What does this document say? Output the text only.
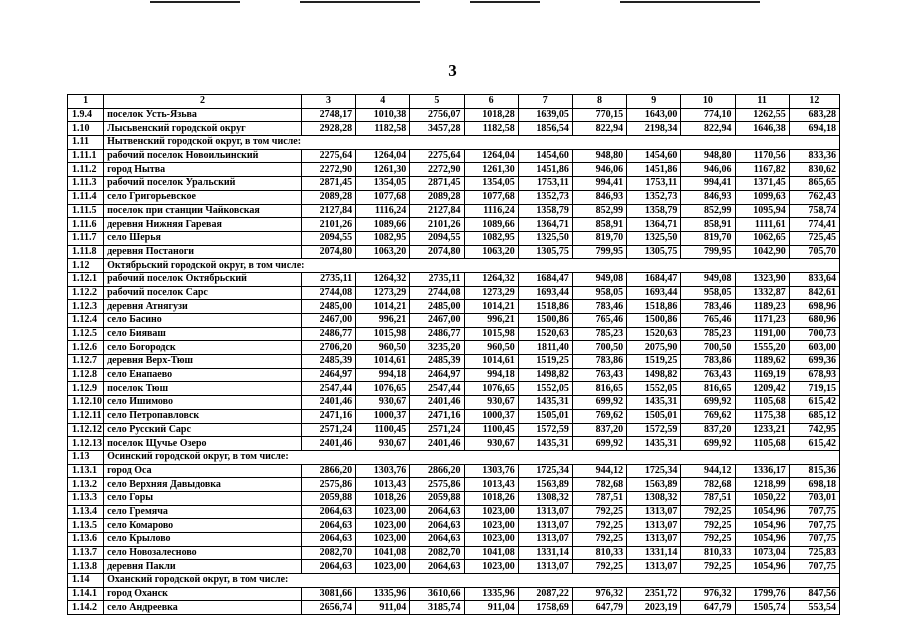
3
1	2	3	4	5	6	7	8	9	10	11	12
1.9.4	поселок Усть-Язьва	2748,17	1010,38	2756,07	1018,28	1639,05	770,15	1643,00	774,10	1262,55	683,28
1.10	Лысьвенский городской округ	2928,28	1182,58	3457,28	1182,58	1856,54	822,94	2198,34	822,94	1646,38	694,18
1.11	Нытвенский городской округ, в том числе:										
1.11.1	рабочий поселок Новоильинский	2275,64	1264,04	2275,64	1264,04	1454,60	948,80	1454,60	948,80	1170,56	833,36
1.11.2	город Нытва	2272,90	1261,30	2272,90	1261,30	1451,86	946,06	1451,86	946,06	1167,82	830,62
1.11.3	рабочий поселок Уральский	2871,45	1354,05	2871,45	1354,05	1753,11	994,41	1753,11	994,41	1371,45	865,65
1.11.4	село Григорьевское	2089,28	1077,68	2089,28	1077,68	1352,73	846,93	1352,73	846,93	1099,63	762,43
1.11.5	поселок при станции Чайковская	2127,84	1116,24	2127,84	1116,24	1358,79	852,99	1358,79	852,99	1095,94	758,74
1.11.6	деревня Нижняя Гаревая	2101,26	1089,66	2101,26	1089,66	1364,71	858,91	1364,71	858,91	1111,61	774,41
1.11.7	село Шерья	2094,55	1082,95	2094,55	1082,95	1325,50	819,70	1325,50	819,70	1062,65	725,45
1.11.8	деревня Постаноги	2074,80	1063,20	2074,80	1063,20	1305,75	799,95	1305,75	799,95	1042,90	705,70
1.12	Октябрьский городской округ, в том числе:										
1.12.1	рабочий поселок Октябрьский	2735,11	1264,32	2735,11	1264,32	1684,47	949,08	1684,47	949,08	1323,90	833,64
1.12.2	рабочий поселок Сарс	2744,08	1273,29	2744,08	1273,29	1693,44	958,05	1693,44	958,05	1332,87	842,61
1.12.3	деревня Атнягузи	2485,00	1014,21	2485,00	1014,21	1518,86	783,46	1518,86	783,46	1189,23	698,96
1.12.4	село Басино	2467,00	996,21	2467,00	996,21	1500,86	765,46	1500,86	765,46	1171,23	680,96
1.12.5	село Бияваш	2486,77	1015,98	2486,77	1015,98	1520,63	785,23	1520,63	785,23	1191,00	700,73
1.12.6	село Богородск	2706,20	960,50	3235,20	960,50	1811,40	700,50	2075,90	700,50	1555,20	603,00
1.12.7	деревня Верх-Тюш	2485,39	1014,61	2485,39	1014,61	1519,25	783,86	1519,25	783,86	1189,62	699,36
1.12.8	село Енапаево	2464,97	994,18	2464,97	994,18	1498,82	763,43	1498,82	763,43	1169,19	678,93
1.12.9	поселок Тюш	2547,44	1076,65	2547,44	1076,65	1552,05	816,65	1552,05	816,65	1209,42	719,15
1.12.10	село Ишимово	2401,46	930,67	2401,46	930,67	1435,31	699,92	1435,31	699,92	1105,68	615,42
1.12.11	село Петропавловск	2471,16	1000,37	2471,16	1000,37	1505,01	769,62	1505,01	769,62	1175,38	685,12
1.12.12	село Русский Сарс	2571,24	1100,45	2571,24	1100,45	1572,59	837,20	1572,59	837,20	1233,21	742,95
1.12.13	поселок Щучье Озеро	2401,46	930,67	2401,46	930,67	1435,31	699,92	1435,31	699,92	1105,68	615,42
1.13	Осинский городской округ, в том числе:										
1.13.1	город Оса	2866,20	1303,76	2866,20	1303,76	1725,34	944,12	1725,34	944,12	1336,17	815,36
1.13.2	село Верхняя Давыдовка	2575,86	1013,43	2575,86	1013,43	1563,89	782,68	1563,89	782,68	1218,99	698,18
1.13.3	село Горы	2059,88	1018,26	2059,88	1018,26	1308,32	787,51	1308,32	787,51	1050,22	703,01
1.13.4	село Гремяча	2064,63	1023,00	2064,63	1023,00	1313,07	792,25	1313,07	792,25	1054,96	707,75
1.13.5	село Комарово	2064,63	1023,00	2064,63	1023,00	1313,07	792,25	1313,07	792,25	1054,96	707,75
1.13.6	село Крылово	2064,63	1023,00	2064,63	1023,00	1313,07	792,25	1313,07	792,25	1054,96	707,75
1.13.7	село Новозалесново	2082,70	1041,08	2082,70	1041,08	1331,14	810,33	1331,14	810,33	1073,04	725,83
1.13.8	деревня Пакли	2064,63	1023,00	2064,63	1023,00	1313,07	792,25	1313,07	792,25	1054,96	707,75
1.14	Оханский городской округ, в том числе:										
1.14.1	город Оханск	3081,66	1335,96	3610,66	1335,96	2087,22	976,32	2351,72	976,32	1799,76	847,56
1.14.2	село Андреевка	2656,74	911,04	3185,74	911,04	1758,69	647,79	2023,19	647,79	1505,74	553,54
